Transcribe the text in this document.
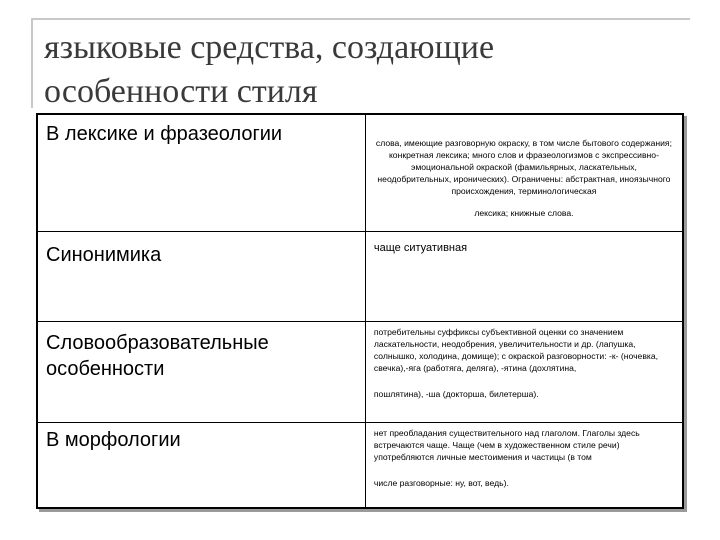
языковые средства, создающие
особенности стиля
В лексике и фразеологии	слова, имеющие разговорную окраску, в том числе бытового содержания; конкретная лексика; много слов и фразеологизмов с экспрессивно-эмоциональной окраской (фамильярных, ласкательных, неодобрительных, иронических). Ограничены: абстрактная, иноязычного происхождения, терминологическая
лексика; книжные слова.

Синонимика	чаще ситуативная

Словообразовательные особенности	потребительны суффиксы субъективной оценки со значением ласкательности, неодобрения, увеличительности и др. (лапушка, солнышко, холодина, домище); с окраской разговорности: -к- (ночевка, свечка),-яга (работяга, делягa), -ятина (дохлятина,
пошлятина), -ша (докторша, билетерша).

В морфологии	нет преобладания существительного над глаголом. Глаголы здесь встречаются чаще. Чаще (чем в художественном стиле речи) употребляются личные местоимения и частицы (в том
числе разговорные: ну, вот, ведь).
